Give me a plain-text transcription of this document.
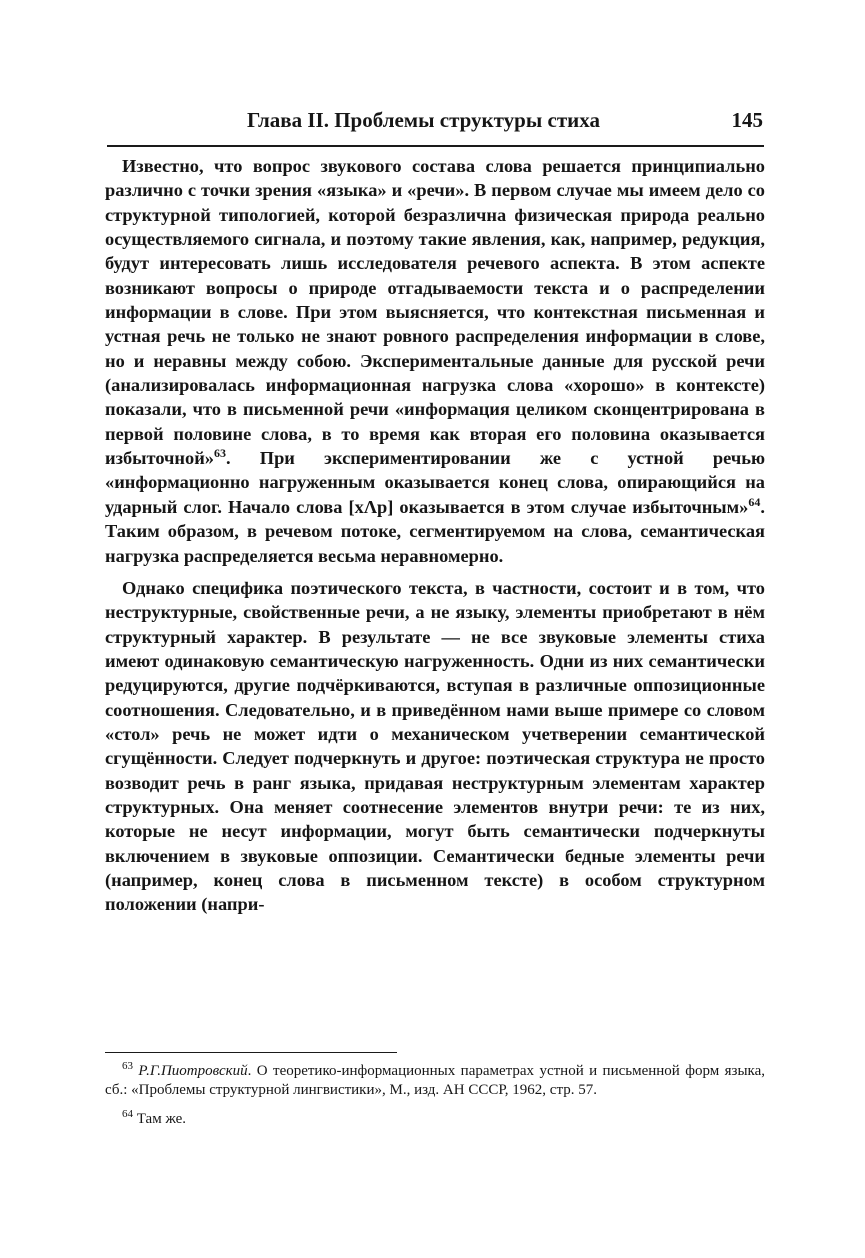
Глава II. Проблемы структуры стиха	145

Известно, что вопрос звукового состава слова решается принципиально различно с точки зрения «языка» и «речи». В первом случае мы имеем дело со структурной типологией, которой безразлична физическая природа реально осуществляемого сигнала, и поэтому такие явления, как, например, редукция, будут интересовать лишь исследователя речевого аспекта. В этом аспекте возникают вопросы о природе отгадываемости текста и о распределении информации в слове. При этом выясняется, что контекстная письменная и устная речь не только не знают ровного распределения информации в слове, но и неравны между собою. Экспериментальные данные для русской речи (анализировалась информационная нагрузка слова «хорошо» в контексте) показали, что в письменной речи «информация целиком сконцентрирована в первой половине слова, в то время как вторая его половина оказывается избыточной»$^{63}$. При экспериментировании же с устной речью «информационно нагруженным оказывается конец слова, опирающийся на ударный слог. Начало слова [хΛр] оказывается в этом случае избыточным»$^{64}$. Таким образом, в речевом потоке, сегментируемом на слова, семантическая нагрузка распределяется весьма неравномерно.

Однако специфика поэтического текста, в частности, состоит и в том, что неструктурные, свойственные речи, а не языку, элементы приобретают в нём структурный характер. В результате — не все звуковые элементы стиха имеют одинаковую семантическую нагруженность. Одни из них семантически редуцируются, другие подчёркиваются, вступая в различные оппозиционные соотношения. Следовательно, и в приведённом нами выше примере со словом «стол» речь не может идти о механическом учетверении семантической сгущённости. Следует подчеркнуть и другое: поэтическая структура не просто возводит речь в ранг языка, придавая неструктурным элементам характер структурных. Она меняет соотнесение элементов внутри речи: те из них, которые не несут информации, могут быть семантически подчеркнуты включением в звуковые оппозиции. Семантически бедные элементы речи (например, конец слова в письменном тексте) в особом структурном положении (напри-

$^{63}$ Р.Г.Пиотровский. О теоретико-информационных параметрах устной и письменной форм языка, сб.: «Проблемы структурной лингвистики», М., изд. АН СССР, 1962, стр. 57.

$^{64}$ Там же.
